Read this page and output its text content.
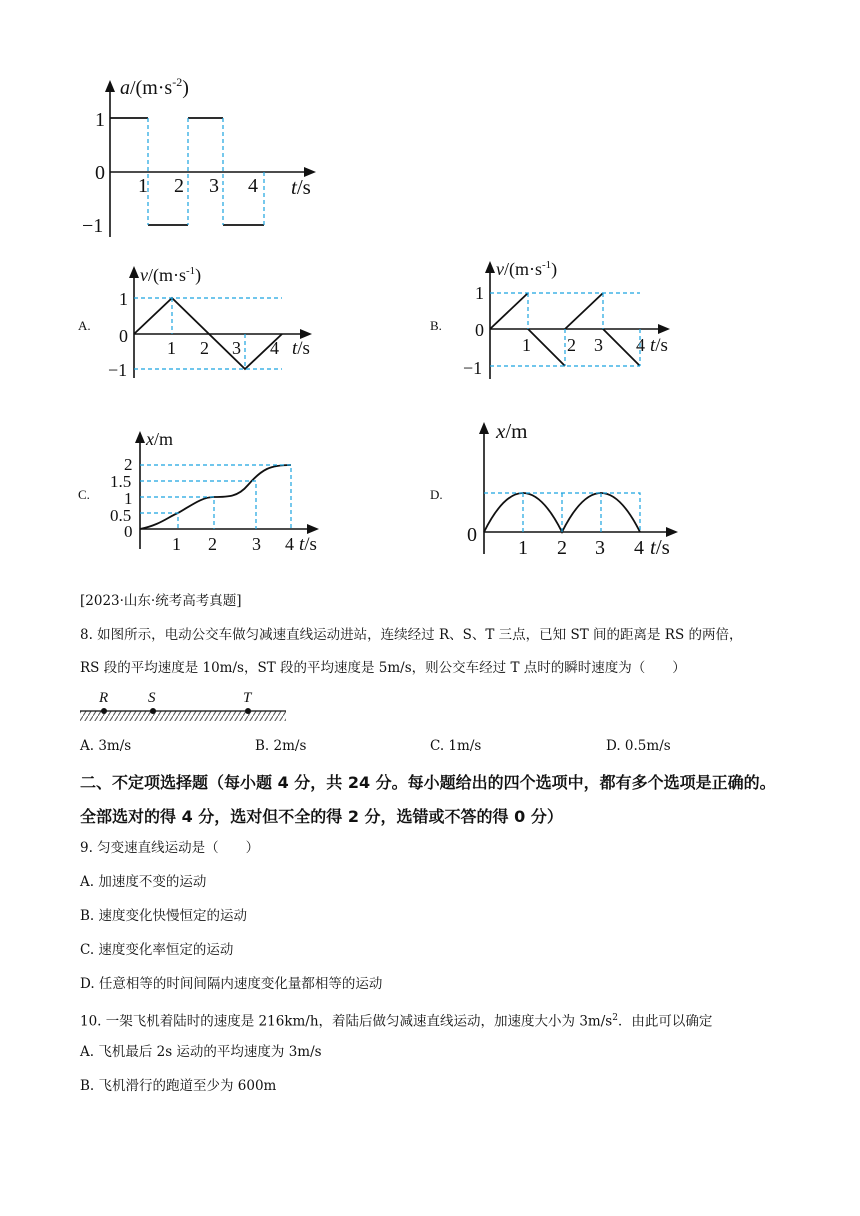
$a/(m\cdot s^{-2})$
1
0
−1
1 2 3 4 t/s
A.
$v/(m\cdot s^{-1})$
1
0
−1
1 2 3 4 t/s
B.
$v/(m\cdot s^{-1})$
1
0
−1
1 2 3 4 t/s
C.
x/m
2
1.5
1
0.5
0
1 2 3 4 t/s
D.
x/m
0
1 2 3 4 t/s
[2023·山东·统考高考真题]
8. 如图所示，电动公交车做匀减速直线运动进站，连续经过 R、S、T 三点，已知 ST 间的距离是 RS 的两倍，
RS 段的平均速度是 10m/s，ST 段的平均速度是 5m/s，则公交车经过 T 点时的瞬时速度为（　　）
R	S	T
A. 3m/s	B. 2m/s	C. 1m/s	D. 0.5m/s
二、不定项选择题（每小题 4 分，共 24 分。每小题给出的四个选项中，都有多个选项是正确的。全部选对的得 4 分，选对但不全的得 2 分，选错或不答的得 0 分）
9. 匀变速直线运动是（　　）
A. 加速度不变的运动
B. 速度变化快慢恒定的运动
C. 速度变化率恒定的运动
D. 任意相等的时间间隔内速度变化量都相等的运动
10. 一架飞机着陆时的速度是 216km/h，着陆后做匀减速直线运动，加速度大小为 $3m/s^2$．由此可以确定
A. 飞机最后 2s 运动的平均速度为 3m/s
B. 飞机滑行的跑道至少为 600m
